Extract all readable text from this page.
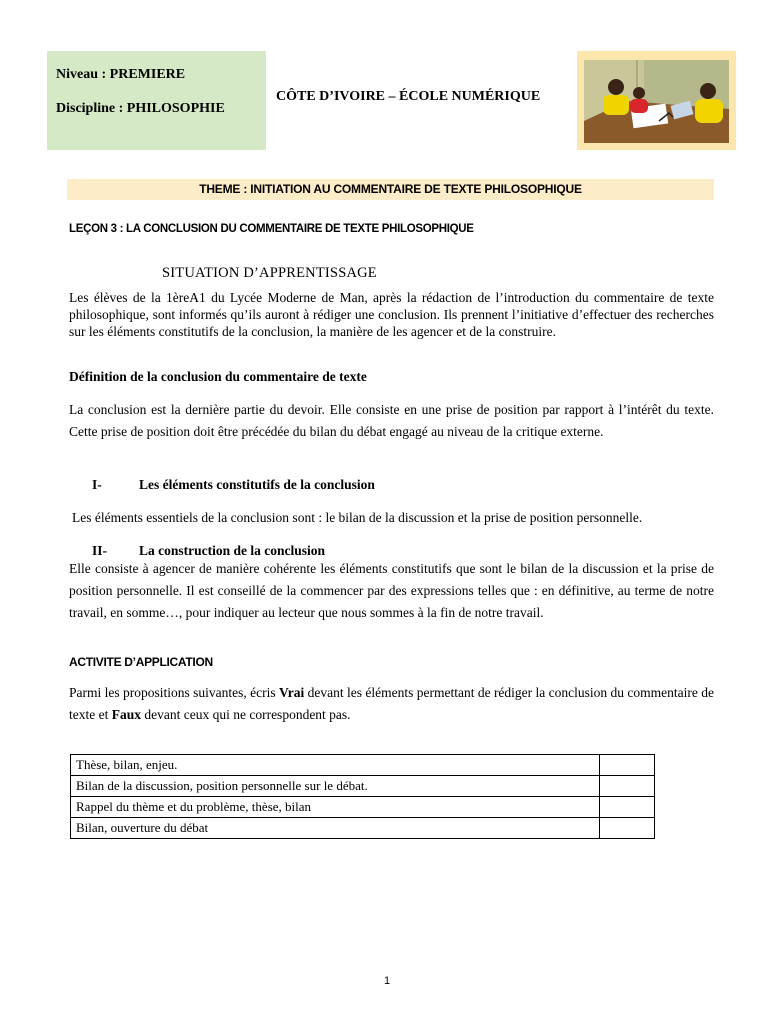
Niveau : PREMIERE
Discipline : PHILOSOPHIE
CÔTE D’IVOIRE – ÉCOLE NUMÉRIQUE
THEME : INITIATION AU COMMENTAIRE DE TEXTE PHILOSOPHIQUE
LEÇON 3 : LA CONCLUSION DU COMMENTAIRE DE TEXTE PHILOSOPHIQUE
SITUATION D’APPRENTISSAGE
Les élèves de la 1èreA1 du Lycée Moderne de Man, après la rédaction de l’introduction du commentaire de texte philosophique, sont informés qu’ils auront à rédiger une conclusion. Ils prennent l’initiative d’effectuer des recherches sur les éléments constitutifs de la conclusion, la manière de les agencer et de la construire.
Définition de la conclusion du commentaire de texte
La conclusion est la dernière partie du devoir. Elle consiste en une prise de position par rapport à l’intérêt du texte. Cette prise de position doit être précédée du bilan du débat engagé au niveau de la critique externe.
I-	Les éléments constitutifs de la conclusion
Les éléments essentiels de la conclusion sont : le bilan de la discussion et la prise de position personnelle.
II- La construction de la conclusion
Elle consiste à agencer de manière cohérente les éléments constitutifs que sont le bilan de la discussion et la prise de position personnelle. Il est conseillé de la commencer par des expressions telles que : en définitive, au terme de notre travail, en somme…, pour indiquer au lecteur que nous sommes à la fin de notre travail.
ACTIVITE D’APPLICATION
Parmi les propositions suivantes, écris Vrai devant les éléments permettant de rédiger la conclusion du commentaire de texte et Faux devant ceux qui ne correspondent pas.
Thèse, bilan, enjeu.	
Bilan de la discussion, position personnelle sur le débat.	
Rappel du thème et du problème, thèse, bilan	
Bilan, ouverture du débat	
1
